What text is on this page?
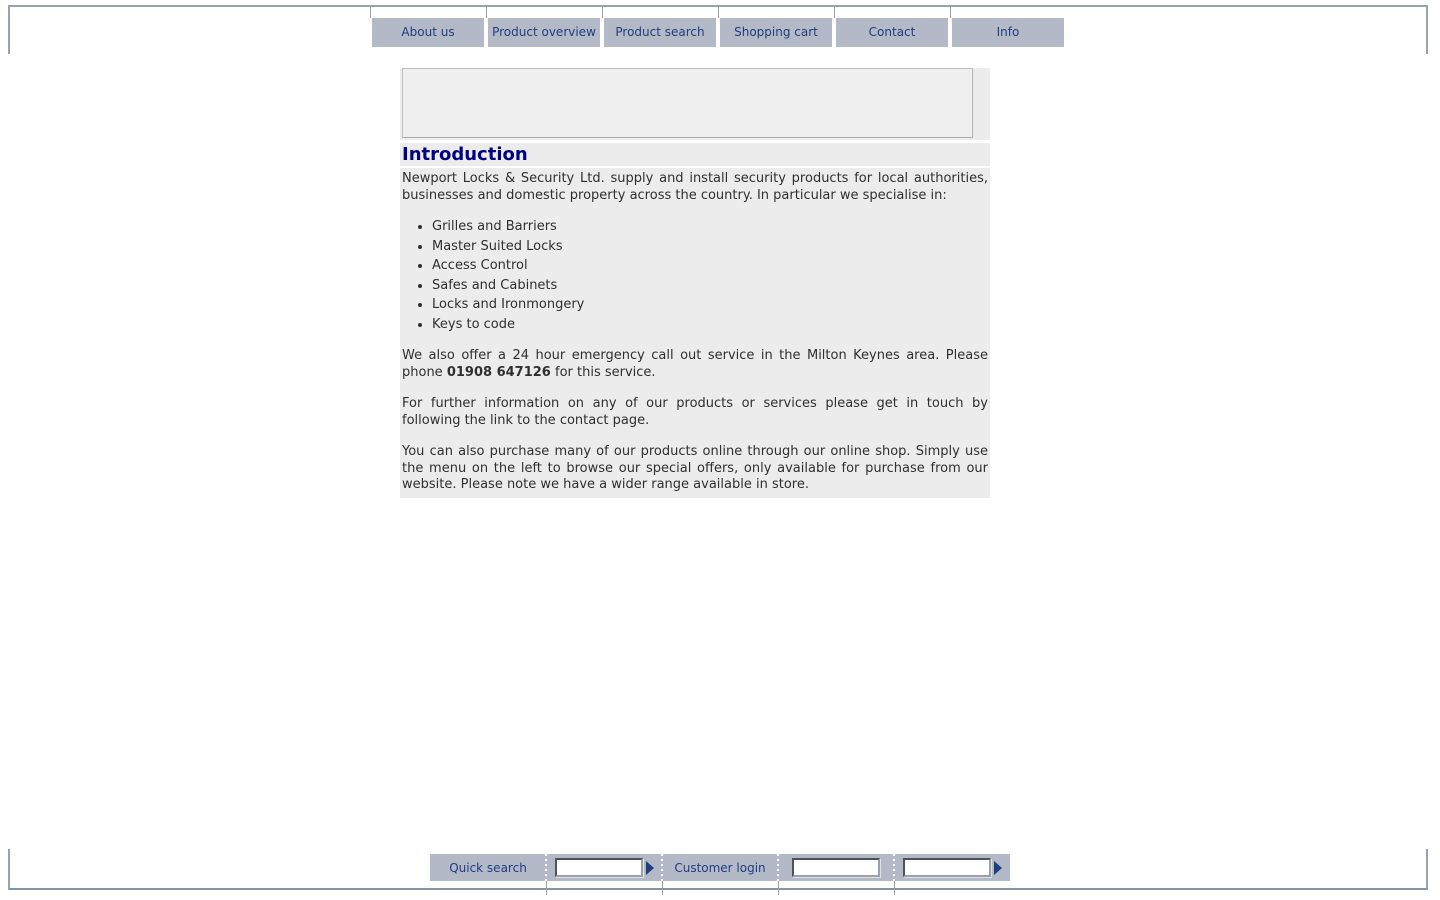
About us	Product overview	Product search	Shopping cart	Contact	Info
Introduction

Newport Locks & Security Ltd. supply and install security products for local authorities, businesses and domestic property across the country. In particular we specialise in:

• Grilles and Barriers
• Master Suited Locks
• Access Control
• Safes and Cabinets
• Locks and Ironmongery
• Keys to code

We also offer a 24 hour emergency call out service in the Milton Keynes area. Please phone 01908 647126 for this service.

For further information on any of our products or services please get in touch by following the link to the contact page.

You can also purchase many of our products online through our online shop. Simply use the menu on the left to browse our special offers, only available for purchase from our website. Please note we have a wider range available in store.

Quick search	Customer login
